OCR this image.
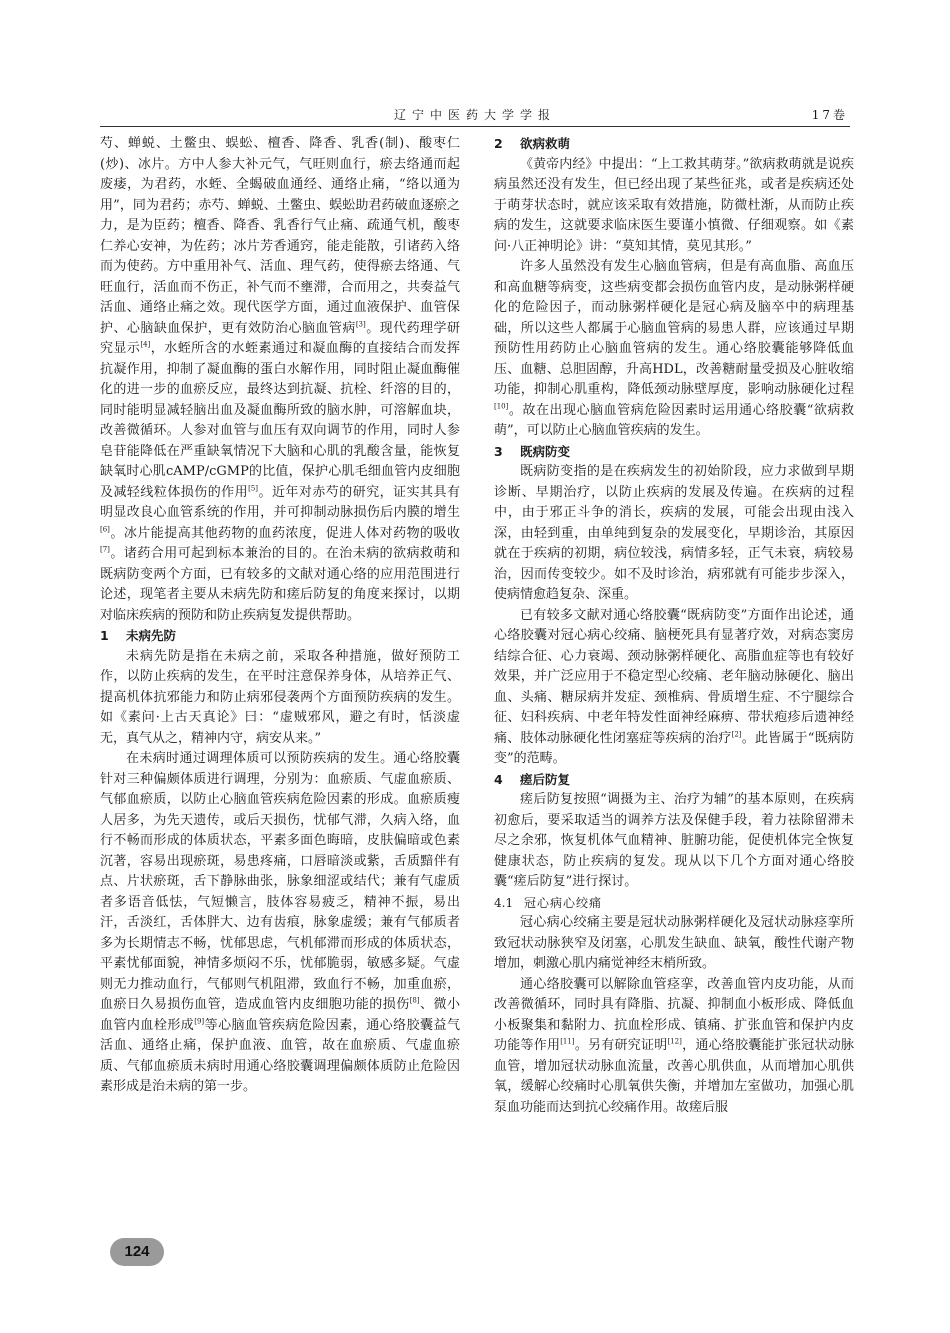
辽宁中医药大学学报	17卷

芍、蝉蜕、土鳖虫、蜈蚣、檀香、降香、乳香(制)、酸枣仁(炒)、冰片。方中人参大补元气，气旺则血行，瘀去络通而起废痿，为君药，水蛭、全蝎破血通经、通络止痛，“络以通为用”，同为君药；赤芍、蝉蜕、土鳖虫、蜈蚣助君药破血逐瘀之力，是为臣药；檀香、降香、乳香行气止痛、疏通气机，酸枣仁养心安神，为佐药；冰片芳香通窍，能走能散，引诸药入络而为使药。方中重用补气、活血、理气药，使得瘀去络通、气旺血行，活血而不伤正，补气而不壅滞，合而用之，共奏益气活血、通络止痛之效。现代医学方面，通过血液保护、血管保护、心脑缺血保护，更有效防治心脑血管病[3]。现代药理学研究显示[4]，水蛭所含的水蛭素通过和凝血酶的直接结合而发挥抗凝作用，抑制了凝血酶的蛋白水解作用，同时阻止凝血酶催化的进一步的血瘀反应，最终达到抗凝、抗栓、纤溶的目的，同时能明显减轻脑出血及凝血酶所致的脑水肿，可溶解血块，改善微循环。人参对血管与血压有双向调节的作用，同时人参皂苷能降低在严重缺氧情况下大脑和心肌的乳酸含量，能恢复缺氧时心肌cAMP/cGMP的比值，保护心肌毛细血管内皮细胞及减轻线粒体损伤的作用[5]。近年对赤芍的研究，证实其具有明显改良心血管系统的作用，并可抑制动脉损伤后内膜的增生[6]。冰片能提高其他药物的血药浓度，促进人体对药物的吸收[7]。诸药合用可起到标本兼治的目的。在治未病的欲病救萌和既病防变两个方面，已有较多的文献对通心络的应用范围进行论述，现笔者主要从未病先防和瘥后防复的角度来探讨，以期对临床疾病的预防和防止疾病复发提供帮助。

1 未病先防

未病先防是指在未病之前，采取各种措施，做好预防工作，以防止疾病的发生，在平时注意保养身体，从培养正气、提高机体抗邪能力和防止病邪侵袭两个方面预防疾病的发生。如《素问·上古天真论》曰：“虚贼邪风，避之有时，恬淡虚无，真气从之，精神内守，病安从来。”

在未病时通过调理体质可以预防疾病的发生。通心络胶囊针对三种偏颇体质进行调理，分别为：血瘀质、气虚血瘀质、气郁血瘀质，以防止心脑血管疾病危险因素的形成。血瘀质瘦人居多，为先天遗传，或后天损伤，忧郁气滞，久病入络，血行不畅而形成的体质状态，平素多面色晦暗，皮肤偏暗或色素沉著，容易出现瘀斑，易患疼痛，口唇暗淡或紫，舌质黯伴有点、片状瘀斑，舌下静脉曲张，脉象细涩或结代；兼有气虚质者多语音低怯，气短懒言，肢体容易疲乏，精神不振，易出汗，舌淡红，舌体胖大、边有齿痕，脉象虚缓；兼有气郁质者多为长期情志不畅，忧郁思虑，气机郁滞而形成的体质状态，平素忧郁面貌，神情多烦闷不乐，忧郁脆弱，敏感多疑。气虚则无力推动血行，气郁则气机阻滞，致血行不畅，加重血瘀，血瘀日久易损伤血管，造成血管内皮细胞功能的损伤[8]、微小血管内血栓形成[9]等心脑血管疾病危险因素，通心络胶囊益气活血、通络止痛，保护血液、血管，故在血瘀质、气虚血瘀质、气郁血瘀质未病时用通心络胶囊调理偏颇体质防止危险因素形成是治未病的第一步。

2 欲病救萌

《黄帝内经》中提出：“上工救其萌芽。”欲病救萌就是说疾病虽然还没有发生，但已经出现了某些征兆，或者是疾病还处于萌芽状态时，就应该采取有效措施，防微杜渐，从而防止疾病的发生，这就要求临床医生要谨小慎微、仔细观察。如《素问·八正神明论》讲：“莫知其情，莫见其形。”

许多人虽然没有发生心脑血管病，但是有高血脂、高血压和高血糖等病变，这些病变都会损伤血管内皮，是动脉粥样硬化的危险因子，而动脉粥样硬化是冠心病及脑卒中的病理基础，所以这些人都属于心脑血管病的易患人群，应该通过早期预防性用药防止心脑血管病的发生。通心络胶囊能够降低血压、血糖、总胆固醇，升高HDL，改善糖耐量受损及心脏收缩功能，抑制心肌重构，降低颈动脉壁厚度，影响动脉硬化过程[10]。故在出现心脑血管病危险因素时运用通心络胶囊“欲病救萌”，可以防止心脑血管疾病的发生。

3 既病防变

既病防变指的是在疾病发生的初始阶段，应力求做到早期诊断、早期治疗，以防止疾病的发展及传遍。在疾病的过程中，由于邪正斗争的消长，疾病的发展，可能会出现由浅入深，由轻到重，由单纯到复杂的发展变化，早期诊治，其原因就在于疾病的初期，病位较浅，病情多轻，正气未衰，病较易治，因而传变较少。如不及时诊治，病邪就有可能步步深入，使病情愈趋复杂、深重。

已有较多文献对通心络胶囊“既病防变”方面作出论述，通心络胶囊对冠心病心绞痛、脑梗死具有显著疗效，对病态窦房结综合征、心力衰竭、颈动脉粥样硬化、高脂血症等也有较好效果，并广泛应用于不稳定型心绞痛、老年脑动脉硬化、脑出血、头痛、糖尿病并发症、颈椎病、骨质增生症、不宁腿综合征、妇科疾病、中老年特发性面神经麻痹、带状疱疹后遗神经痛、肢体动脉硬化性闭塞症等疾病的治疗[2]。此皆属于“既病防变”的范畴。

4 瘥后防复

瘥后防复按照“调摄为主、治疗为辅”的基本原则，在疾病初愈后，要采取适当的调养方法及保健手段，着力祛除留滞未尽之余邪，恢复机体气血精神、脏腑功能，促使机体完全恢复健康状态，防止疾病的复发。现从以下几个方面对通心络胶囊“瘥后防复”进行探讨。

4.1 冠心病心绞痛

冠心病心绞痛主要是冠状动脉粥样硬化及冠状动脉痉挛所致冠状动脉狭窄及闭塞，心肌发生缺血、缺氧，酸性代谢产物增加，刺激心肌内痛觉神经末梢所致。

通心络胶囊可以解除血管痉挛，改善血管内皮功能，从而改善微循环，同时具有降脂、抗凝、抑制血小板形成、降低血小板聚集和黏附力、抗血栓形成、镇痛、扩张血管和保护内皮功能等作用[11]。另有研究证明[12]，通心络胶囊能扩张冠状动脉血管，增加冠状动脉血流量，改善心肌供血，从而增加心肌供氧，缓解心绞痛时心肌氧供失衡，并增加左室做功，加强心肌泵血功能而达到抗心绞痛作用。故瘥后服

124
